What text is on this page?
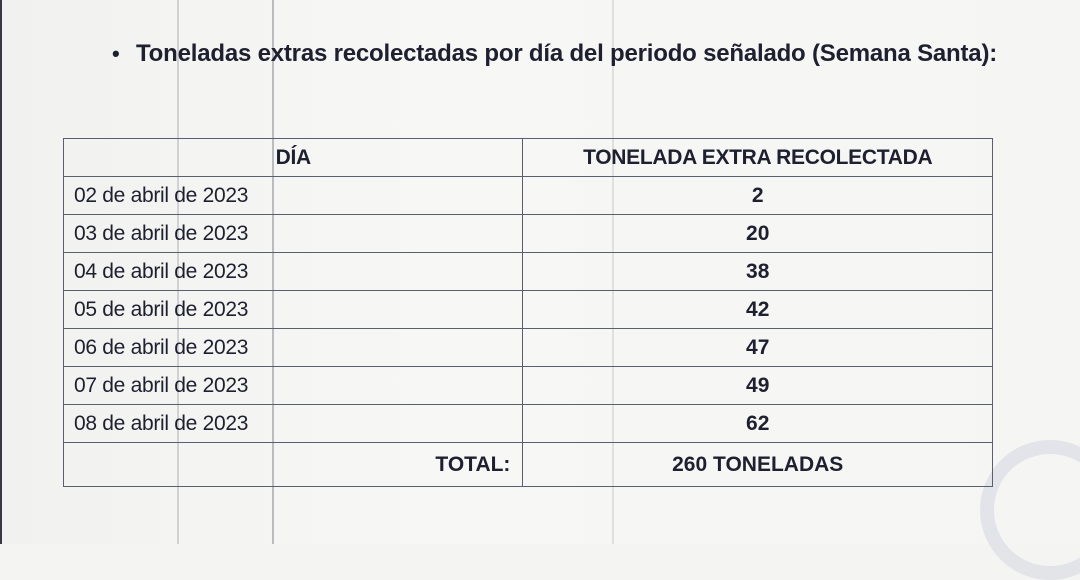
• Toneladas extras recolectadas por día del periodo señalado (Semana Santa):
DÍA	TONELADA EXTRA RECOLECTADA
02 de abril de 2023	2
03 de abril de 2023	20
04 de abril de 2023	38
05 de abril de 2023	42
06 de abril de 2023	47
07 de abril de 2023	49
08 de abril de 2023	62
TOTAL:	260 TONELADAS
